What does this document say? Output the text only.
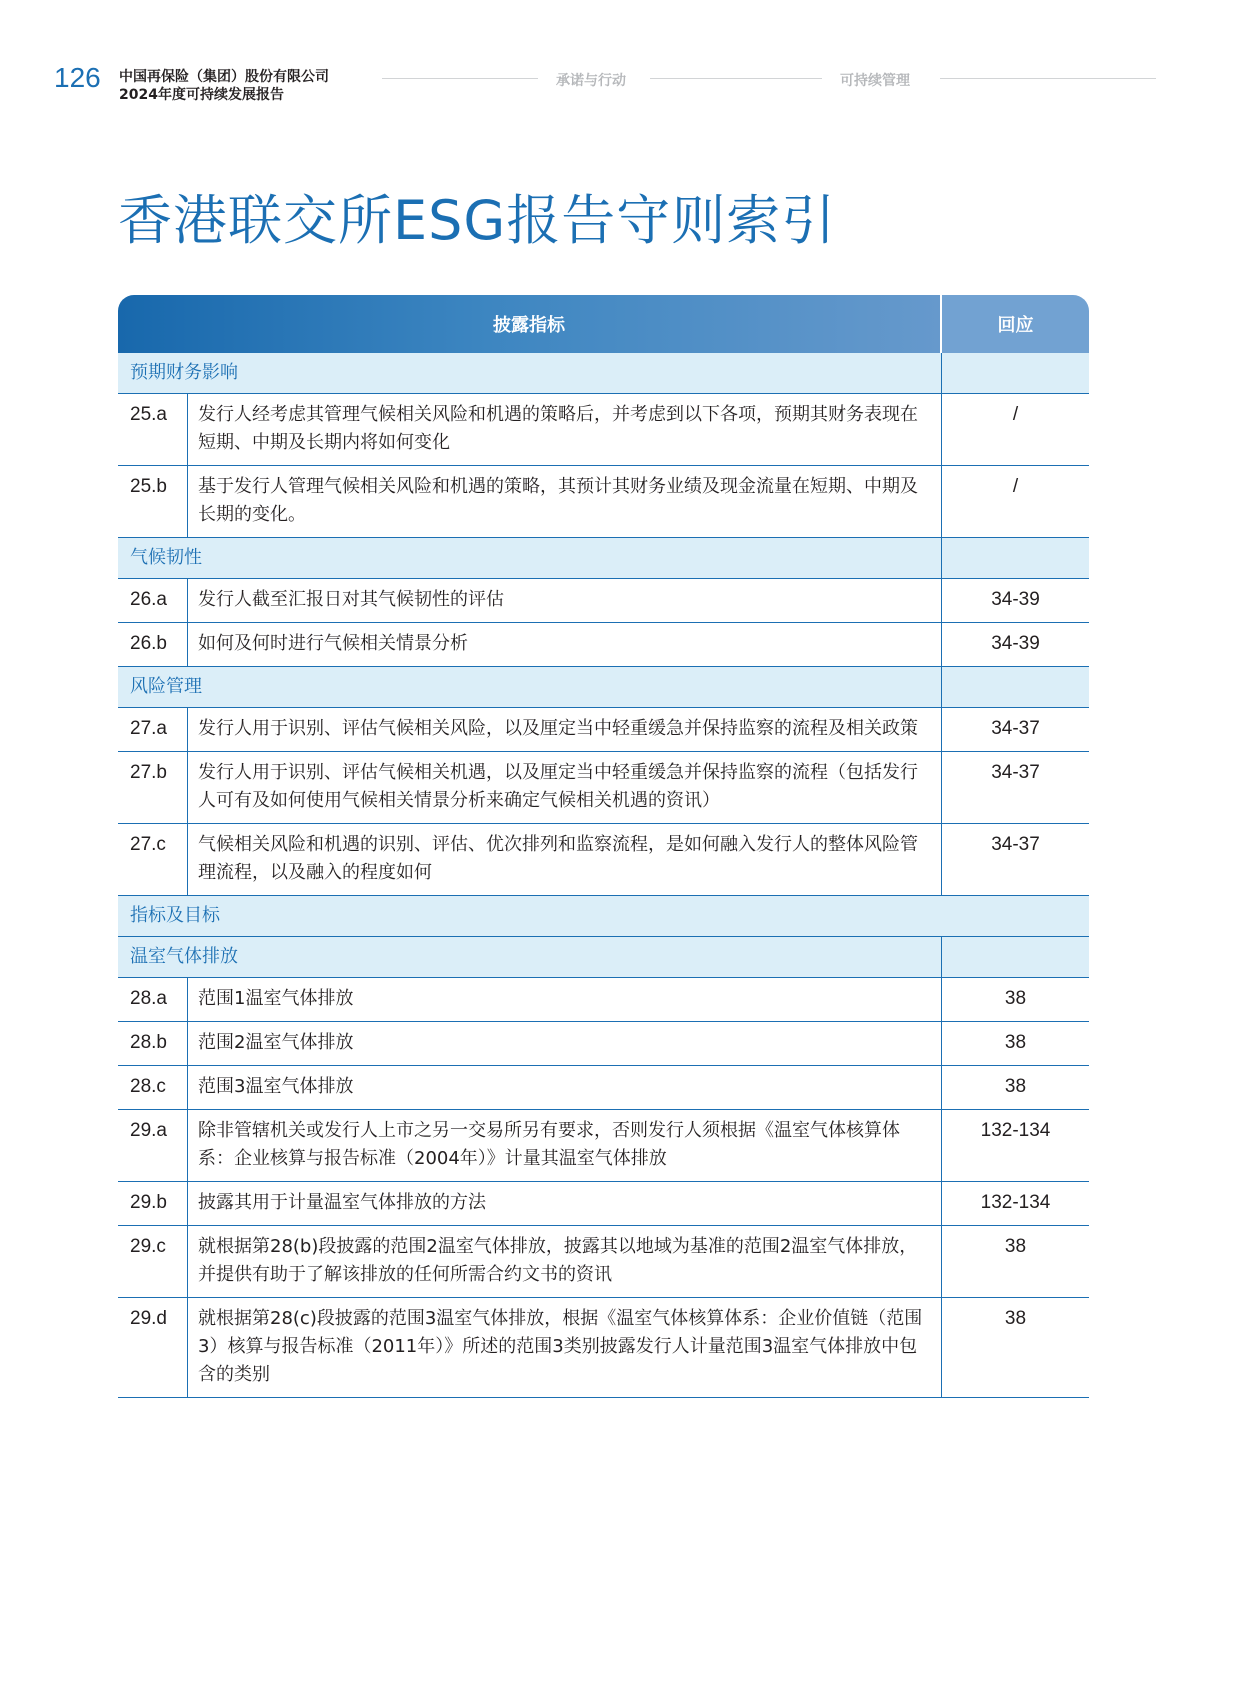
126 中国再保险（集团）股份有限公司
2024年度可持续发展报告
承诺与行动	可持续管理
香港联交所ESG报告守则索引
披露指标		回应
预期财务影响		
25.a	发行人经考虑其管理气候相关风险和机遇的策略后，并考虑到以下各项，预期其财务表现在短期、中期及长期内将如何变化	/
25.b	基于发行人管理气候相关风险和机遇的策略，其预计其财务业绩及现金流量在短期、中期及长期的变化。	/
气候韧性		
26.a	发行人截至汇报日对其气候韧性的评估	34-39
26.b	如何及何时进行气候相关情景分析	34-39
风险管理		
27.a	发行人用于识别、评估气候相关风险，以及厘定当中轻重缓急并保持监察的流程及相关政策	34-37
27.b	发行人用于识别、评估气候相关机遇，以及厘定当中轻重缓急并保持监察的流程（包括发行人可有及如何使用气候相关情景分析来确定气候相关机遇的资讯）	34-37
27.c	气候相关风险和机遇的识别、评估、优次排列和监察流程，是如何融入发行人的整体风险管理流程，以及融入的程度如何	34-37
指标及目标		
温室气体排放		
28.a	范围1温室气体排放	38
28.b	范围2温室气体排放	38
28.c	范围3温室气体排放	38
29.a	除非管辖机关或发行人上市之另一交易所另有要求，否则发行人须根据《温室气体核算体系：企业核算与报告标准（2004年）》计量其温室气体排放	132-134
29.b	披露其用于计量温室气体排放的方法	132-134
29.c	就根据第28(b)段披露的范围2温室气体排放，披露其以地域为基准的范围2温室气体排放，并提供有助于了解该排放的任何所需合约文书的资讯	38
29.d	就根据第28(c)段披露的范围3温室气体排放，根据《温室气体核算体系：企业价值链（范围3）核算与报告标准（2011年）》所述的范围3类别披露发行人计量范围3温室气体排放中包含的类别	38
